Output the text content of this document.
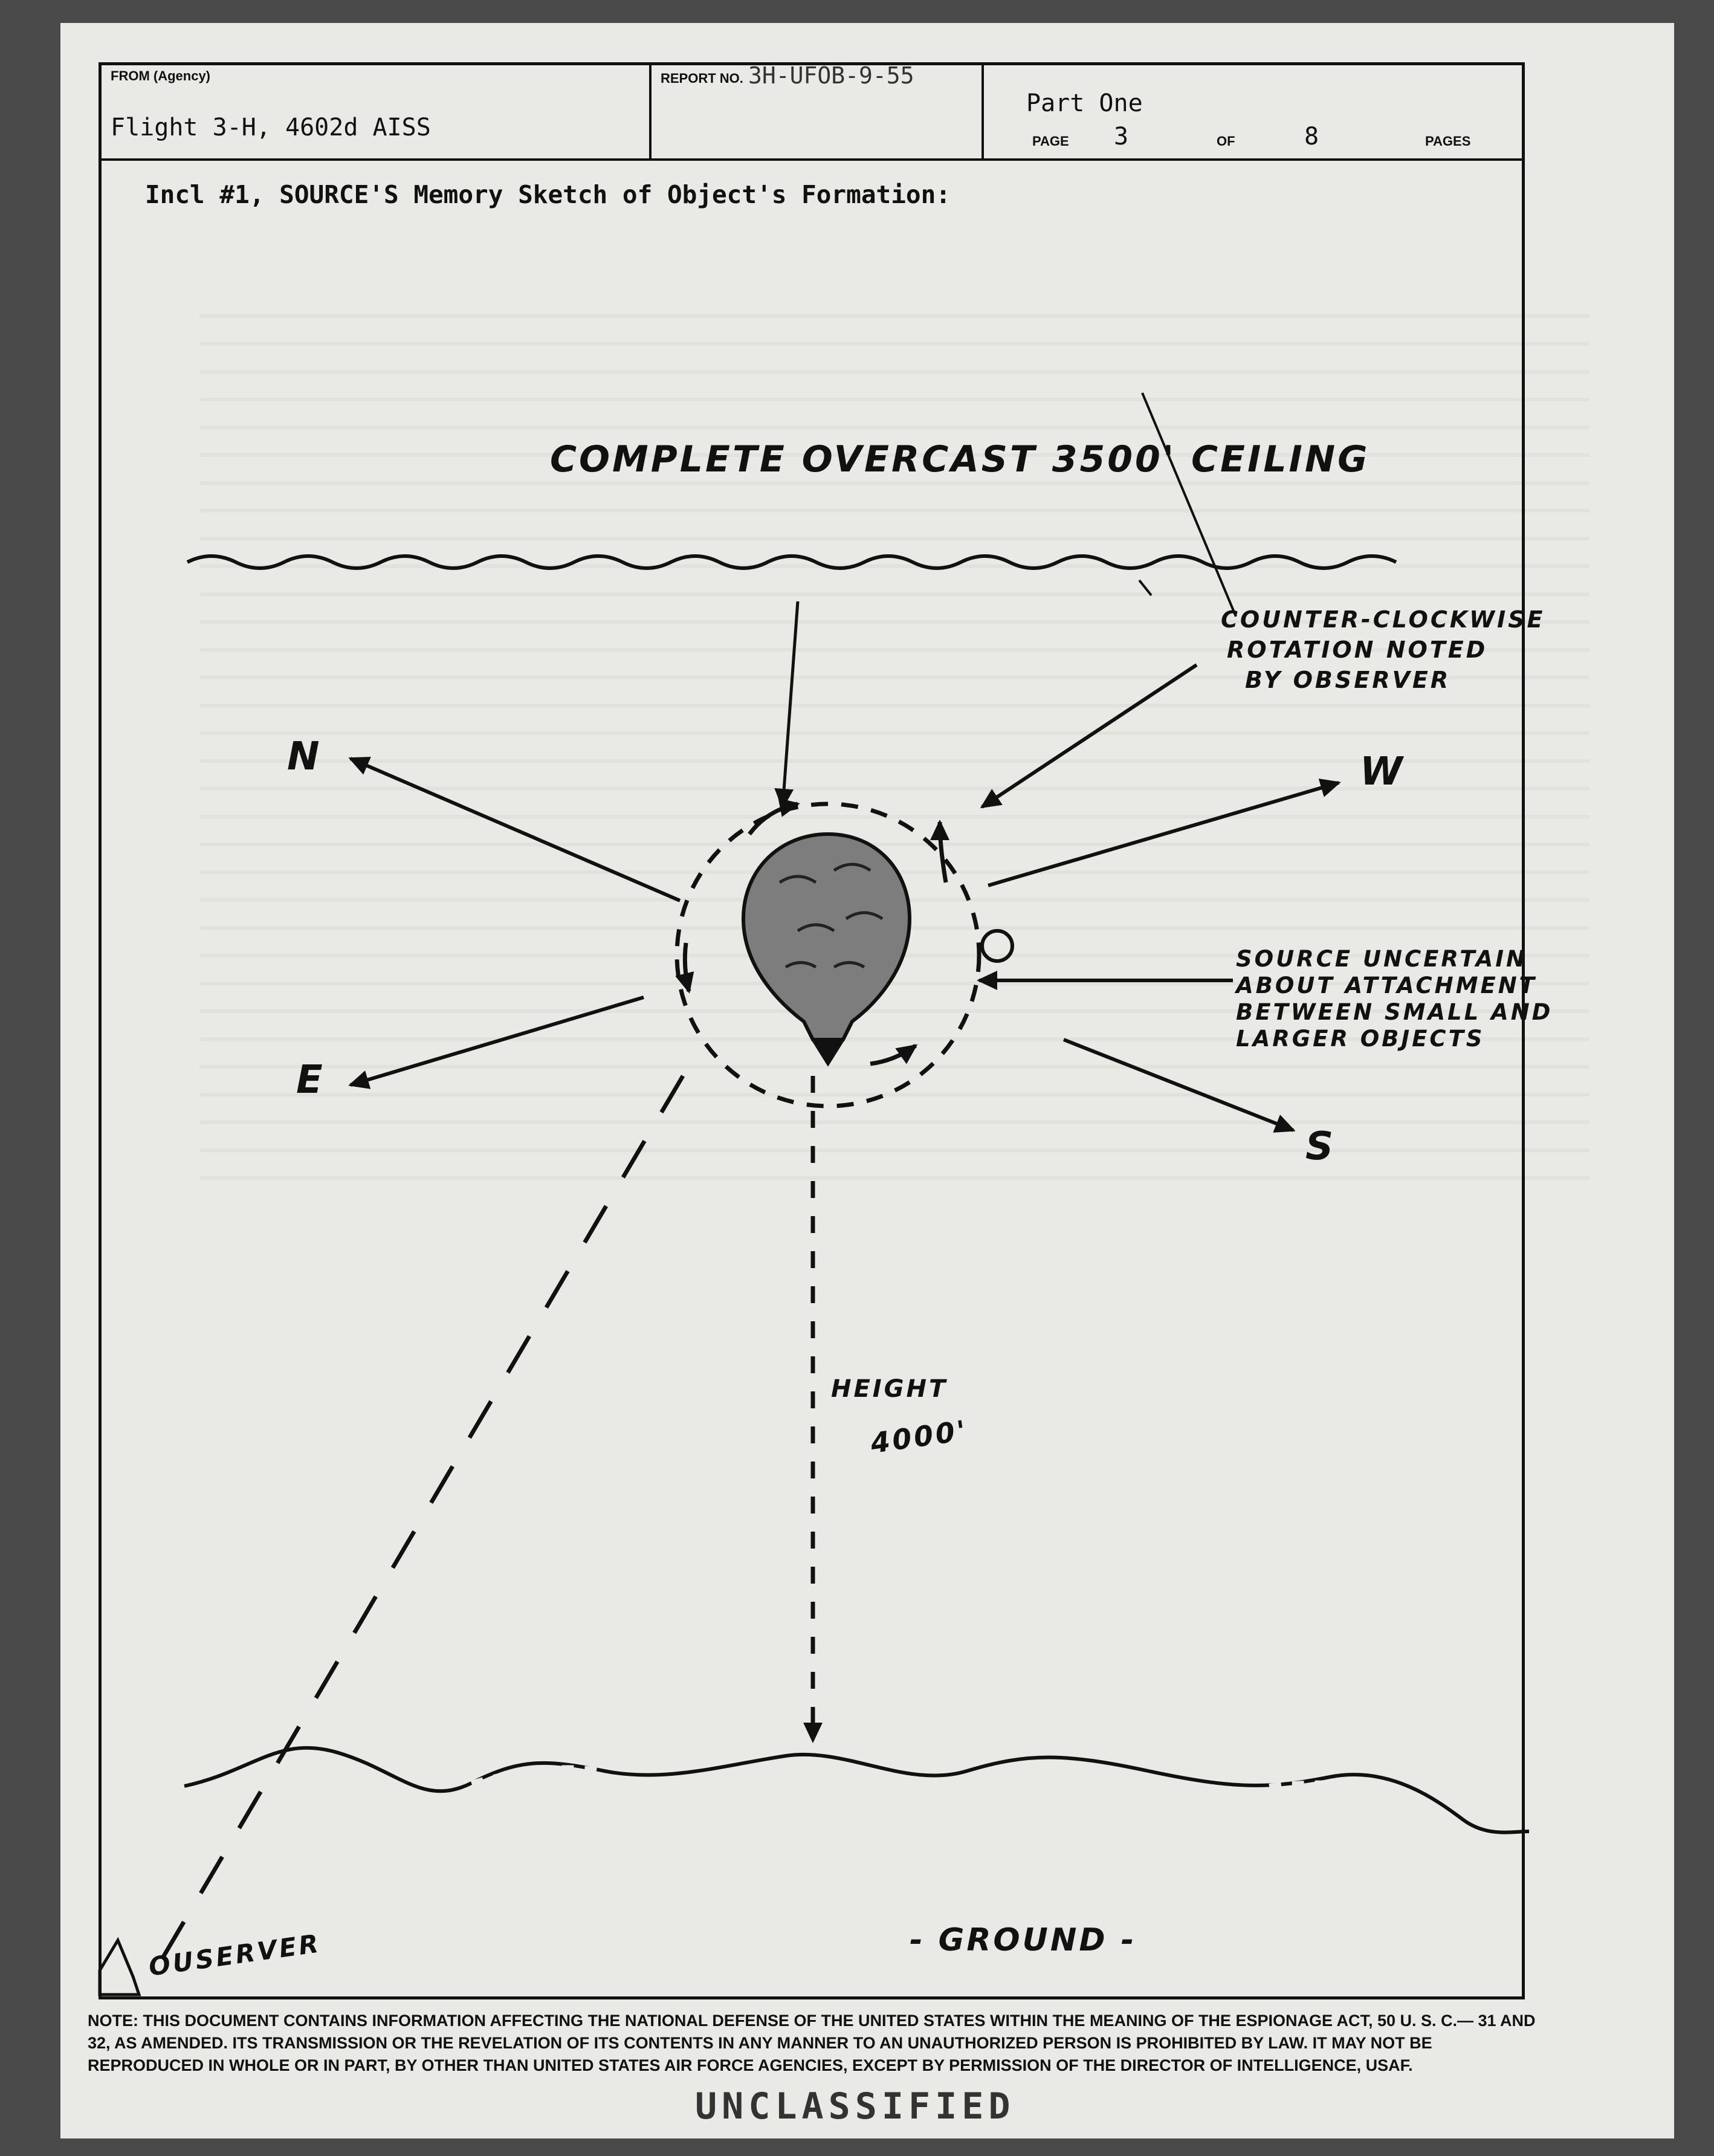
FROM (Agency)
Flight 3-H, 4602d AISS
REPORT NO. 3H-UFOB-9-55
Part One
PAGE 3	OF	8	PAGES
Incl #1, SOURCE'S Memory Sketch of Object's Formation:
COMPLETE OVERCAST 3500' CEILING
COUNTER-CLOCKWISE
ROTATION NOTED
BY OBSERVER
SOURCE UNCERTAIN
ABOUT ATTACHMENT
BETWEEN SMALL AND
LARGER OBJECTS
N	W
E
S
HEIGHT
4000'
OUSERVER	- GROUND -
NOTE: THIS DOCUMENT CONTAINS INFORMATION AFFECTING THE NATIONAL DEFENSE OF THE UNITED STATES WITHIN THE MEANING OF THE ESPIONAGE ACT, 50 U. S. C.— 31 AND 32, AS AMENDED. ITS TRANSMISSION OR THE REVELATION OF ITS CONTENTS IN ANY MANNER TO AN UNAUTHORIZED PERSON IS PROHIBITED BY LAW. IT MAY NOT BE REPRODUCED IN WHOLE OR IN PART, BY OTHER THAN UNITED STATES AIR FORCE AGENCIES, EXCEPT BY PERMISSION OF THE DIRECTOR OF INTELLIGENCE, USAF.
UNCLASSIFIED
